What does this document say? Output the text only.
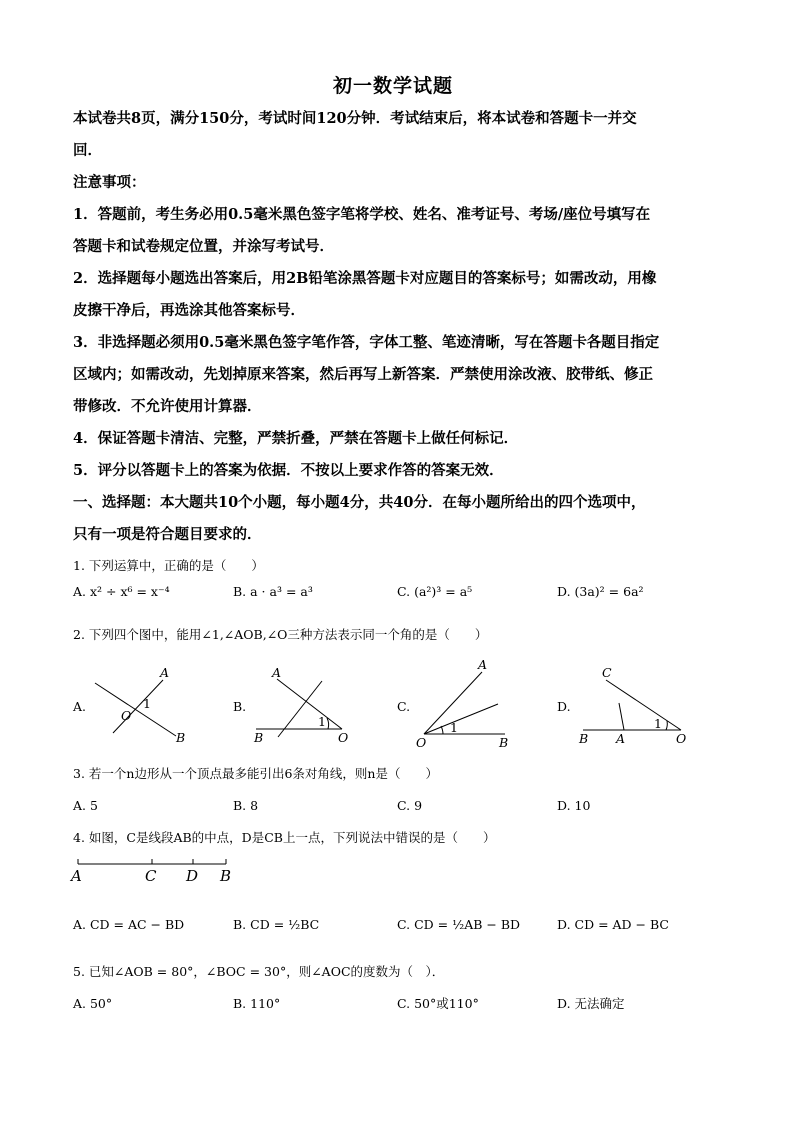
初一数学试题
本试卷共8页，满分150分，考试时间120分钟．考试结束后，将本试卷和答题卡一并交
回．
注意事项：
1．答题前，考生务必用0.5毫米黑色签字笔将学校、姓名、准考证号、考场/座位号填写在
答题卡和试卷规定位置，并涂写考试号．
2．选择题每小题选出答案后，用2B铅笔涂黑答题卡对应题目的答案标号；如需改动，用橡
皮擦干净后，再选涂其他答案标号．
3．非选择题必须用0.5毫米黑色签字笔作答，字体工整、笔迹清晰，写在答题卡各题目指定
区域内；如需改动，先划掉原来答案，然后再写上新答案．严禁使用涂改液、胶带纸、修正
带修改．不允许使用计算器．
4．保证答题卡清洁、完整，严禁折叠，严禁在答题卡上做任何标记．
5．评分以答题卡上的答案为依据．不按以上要求作答的答案无效．
一、选择题：本大题共10个小题，每小题4分，共40分．在每小题所给出的四个选项中，
只有一项是符合题目要求的．
1. 下列运算中，正确的是（　　）
A. x² ÷ x⁶ = x⁻⁴	B. a · a³ = a³	C. (a²)³ = a⁵	D. (3a)² = 6a²
2. 下列四个图中，能用∠1,∠AOB,∠O三种方法表示同一个角的是（　　）
A.	B.	C.	D.
A
O
1
B
A
1
B	O
A
1
O	B
C
1
B A	O
3. 若一个n边形从一个顶点最多能引出6条对角线，则n是（　　）
A. 5	B. 8	C. 9	D. 10
4. 如图，C是线段AB的中点，D是CB上一点，下列说法中错误的是（　　）
A	C D B
A. CD = AC − BD	B. CD = ½BC	C. CD = ½AB − BD	D. CD = AD − BC
5. 已知∠AOB = 80°，∠BOC = 30°，则∠AOC的度数为（　）．
A. 50°	B. 110°	C. 50°或110°	D. 无法确定
